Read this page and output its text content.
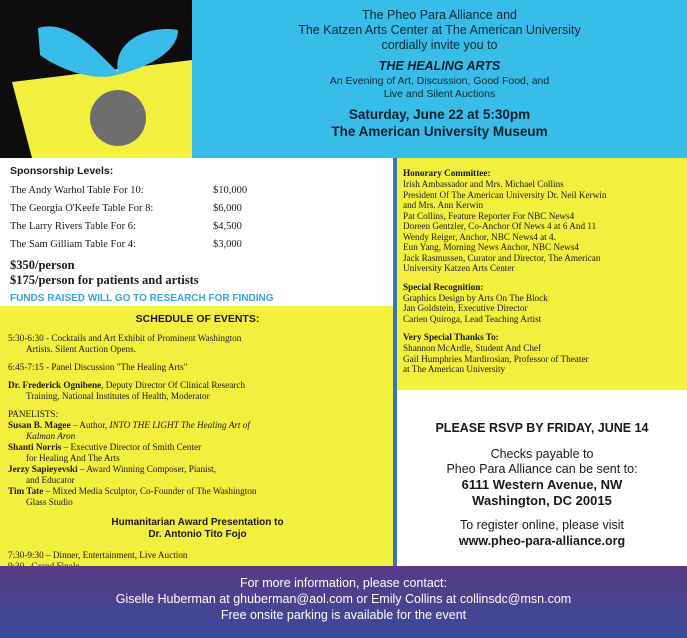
The Pheo Para Alliance and
The Katzen Arts Center at The American University
cordially invite you to
THE HEALING ARTS
An Evening of Art, Discussion, Good Food, and
Live and Silent Auctions
Saturday, June 22 at 5:30pm
The American University Museum
Sponsorship Levels:
The Andy Warhol Table For 10:	$10,000
The Georgia O'Keefe Table For 8:	$6,000
The Larry Rivers Table For 6:	$4,500
The Sam Gilliam Table For 4:	$3,000
$350/person
$175/person for patients and artists
FUNDS RAISED WILL GO TO RESEARCH FOR FINDING
SCHEDULE OF EVENTS:
5:30-6:30 - Cocktails and Art Exhibit of Prominent Washington
Artists. Silent Auction Opens.
6:45-7:15 - Panel Discussion "The Healing Arts"
Dr. Frederick Ognibene, Deputy Director Of Clinical Research
Training, National Institutes of Health, Moderator
PANELISTS:
Susan B. Magee – Author, INTO THE LIGHT The Healing Art of
Kalman Aron
Shanti Norris – Executive Director of Smith Center
for Healing And The Arts
Jerzy Sapieyevski – Award Winning Composer, Pianist,
and Educator
Tim Tate – Mixed Media Sculptor, Co-Founder of The Washington
Glass Studio
Humanitarian Award Presentation to
Dr. Antonio Tito Fojo
7:30-9:30 – Dinner, Entertainment, Live Auction
Honorary Committee:
Irish Ambassador and Mrs. Michael Collins
President Of The American University Dr. Neil Kerwin
and Mrs. Ann Kerwin
Pat Collins, Feature Reporter For NBC News4
Doreen Gentzler, Co-Anchor Of News 4 at 6 And 11
Wendy Reiger, Anchor, NBC News4 at 4.
Eun Yang, Morning News Anchor, NBC News4
Jack Rasmussen, Curator and Director, The American
University Katzen Arts Center
Special Recognition:
Graphics Design by Arts On The Block
Jan Goldstein, Executive Director
Carien Quiroga, Lead Teaching Artist
Very Special Thanks To:
Shannon McArdle, Student And Chef
Gail Humphries Mardirosian, Professor of Theater
at The American University
PLEASE RSVP BY FRIDAY, JUNE 14
Checks payable to
Pheo Para Alliance can be sent to:
6111 Western Avenue, NW
Washington, DC 20015
To register online, please visit
www.pheo-para-alliance.org
For more information, please contact:
Giselle Huberman at ghuberman@aol.com or Emily Collins at collinsdc@msn.com
Free onsite parking is available for the event
